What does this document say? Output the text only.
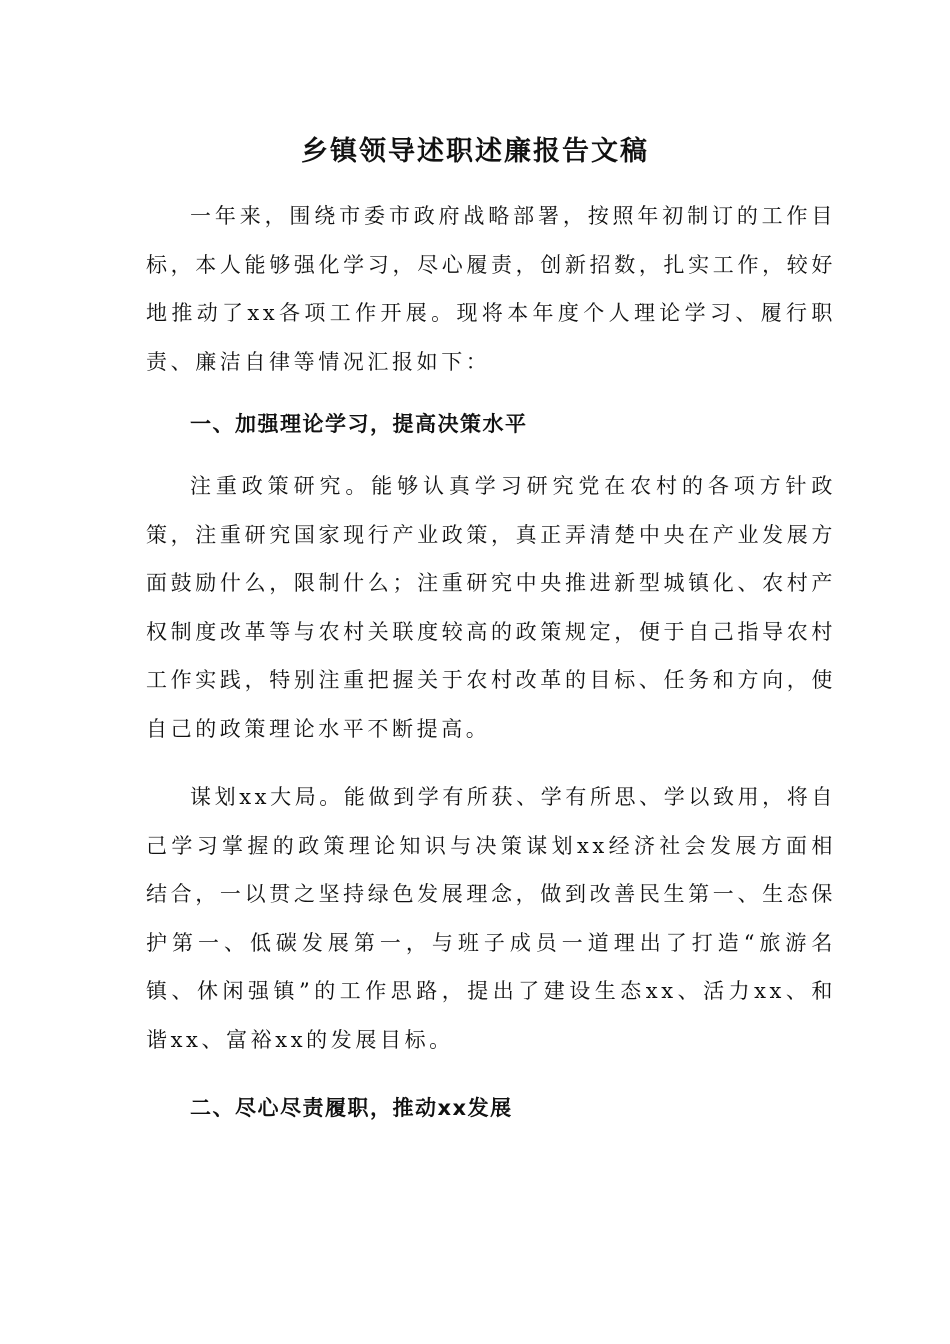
乡镇领导述职述廉报告文稿

一年来，围绕市委市政府战略部署，按照年初制订的工作目标，本人能够强化学习，尽心履责，创新招数，扎实工作，较好地推动了xx各项工作开展。现将本年度个人理论学习、履行职责、廉洁自律等情况汇报如下：

一、加强理论学习，提高决策水平

注重政策研究。能够认真学习研究党在农村的各项方针政策，注重研究国家现行产业政策，真正弄清楚中央在产业发展方面鼓励什么，限制什么；注重研究中央推进新型城镇化、农村产权制度改革等与农村关联度较高的政策规定，便于自己指导农村工作实践，特别注重把握关于农村改革的目标、任务和方向，使自己的政策理论水平不断提高。

谋划xx大局。能做到学有所获、学有所思、学以致用，将自己学习掌握的政策理论知识与决策谋划xx经济社会发展方面相结合，一以贯之坚持绿色发展理念，做到改善民生第一、生态保护第一、低碳发展第一，与班子成员一道理出了打造“旅游名镇、休闲强镇”的工作思路，提出了建设生态xx、活力xx、和谐xx、富裕xx的发展目标。

二、尽心尽责履职，推动xx发展
